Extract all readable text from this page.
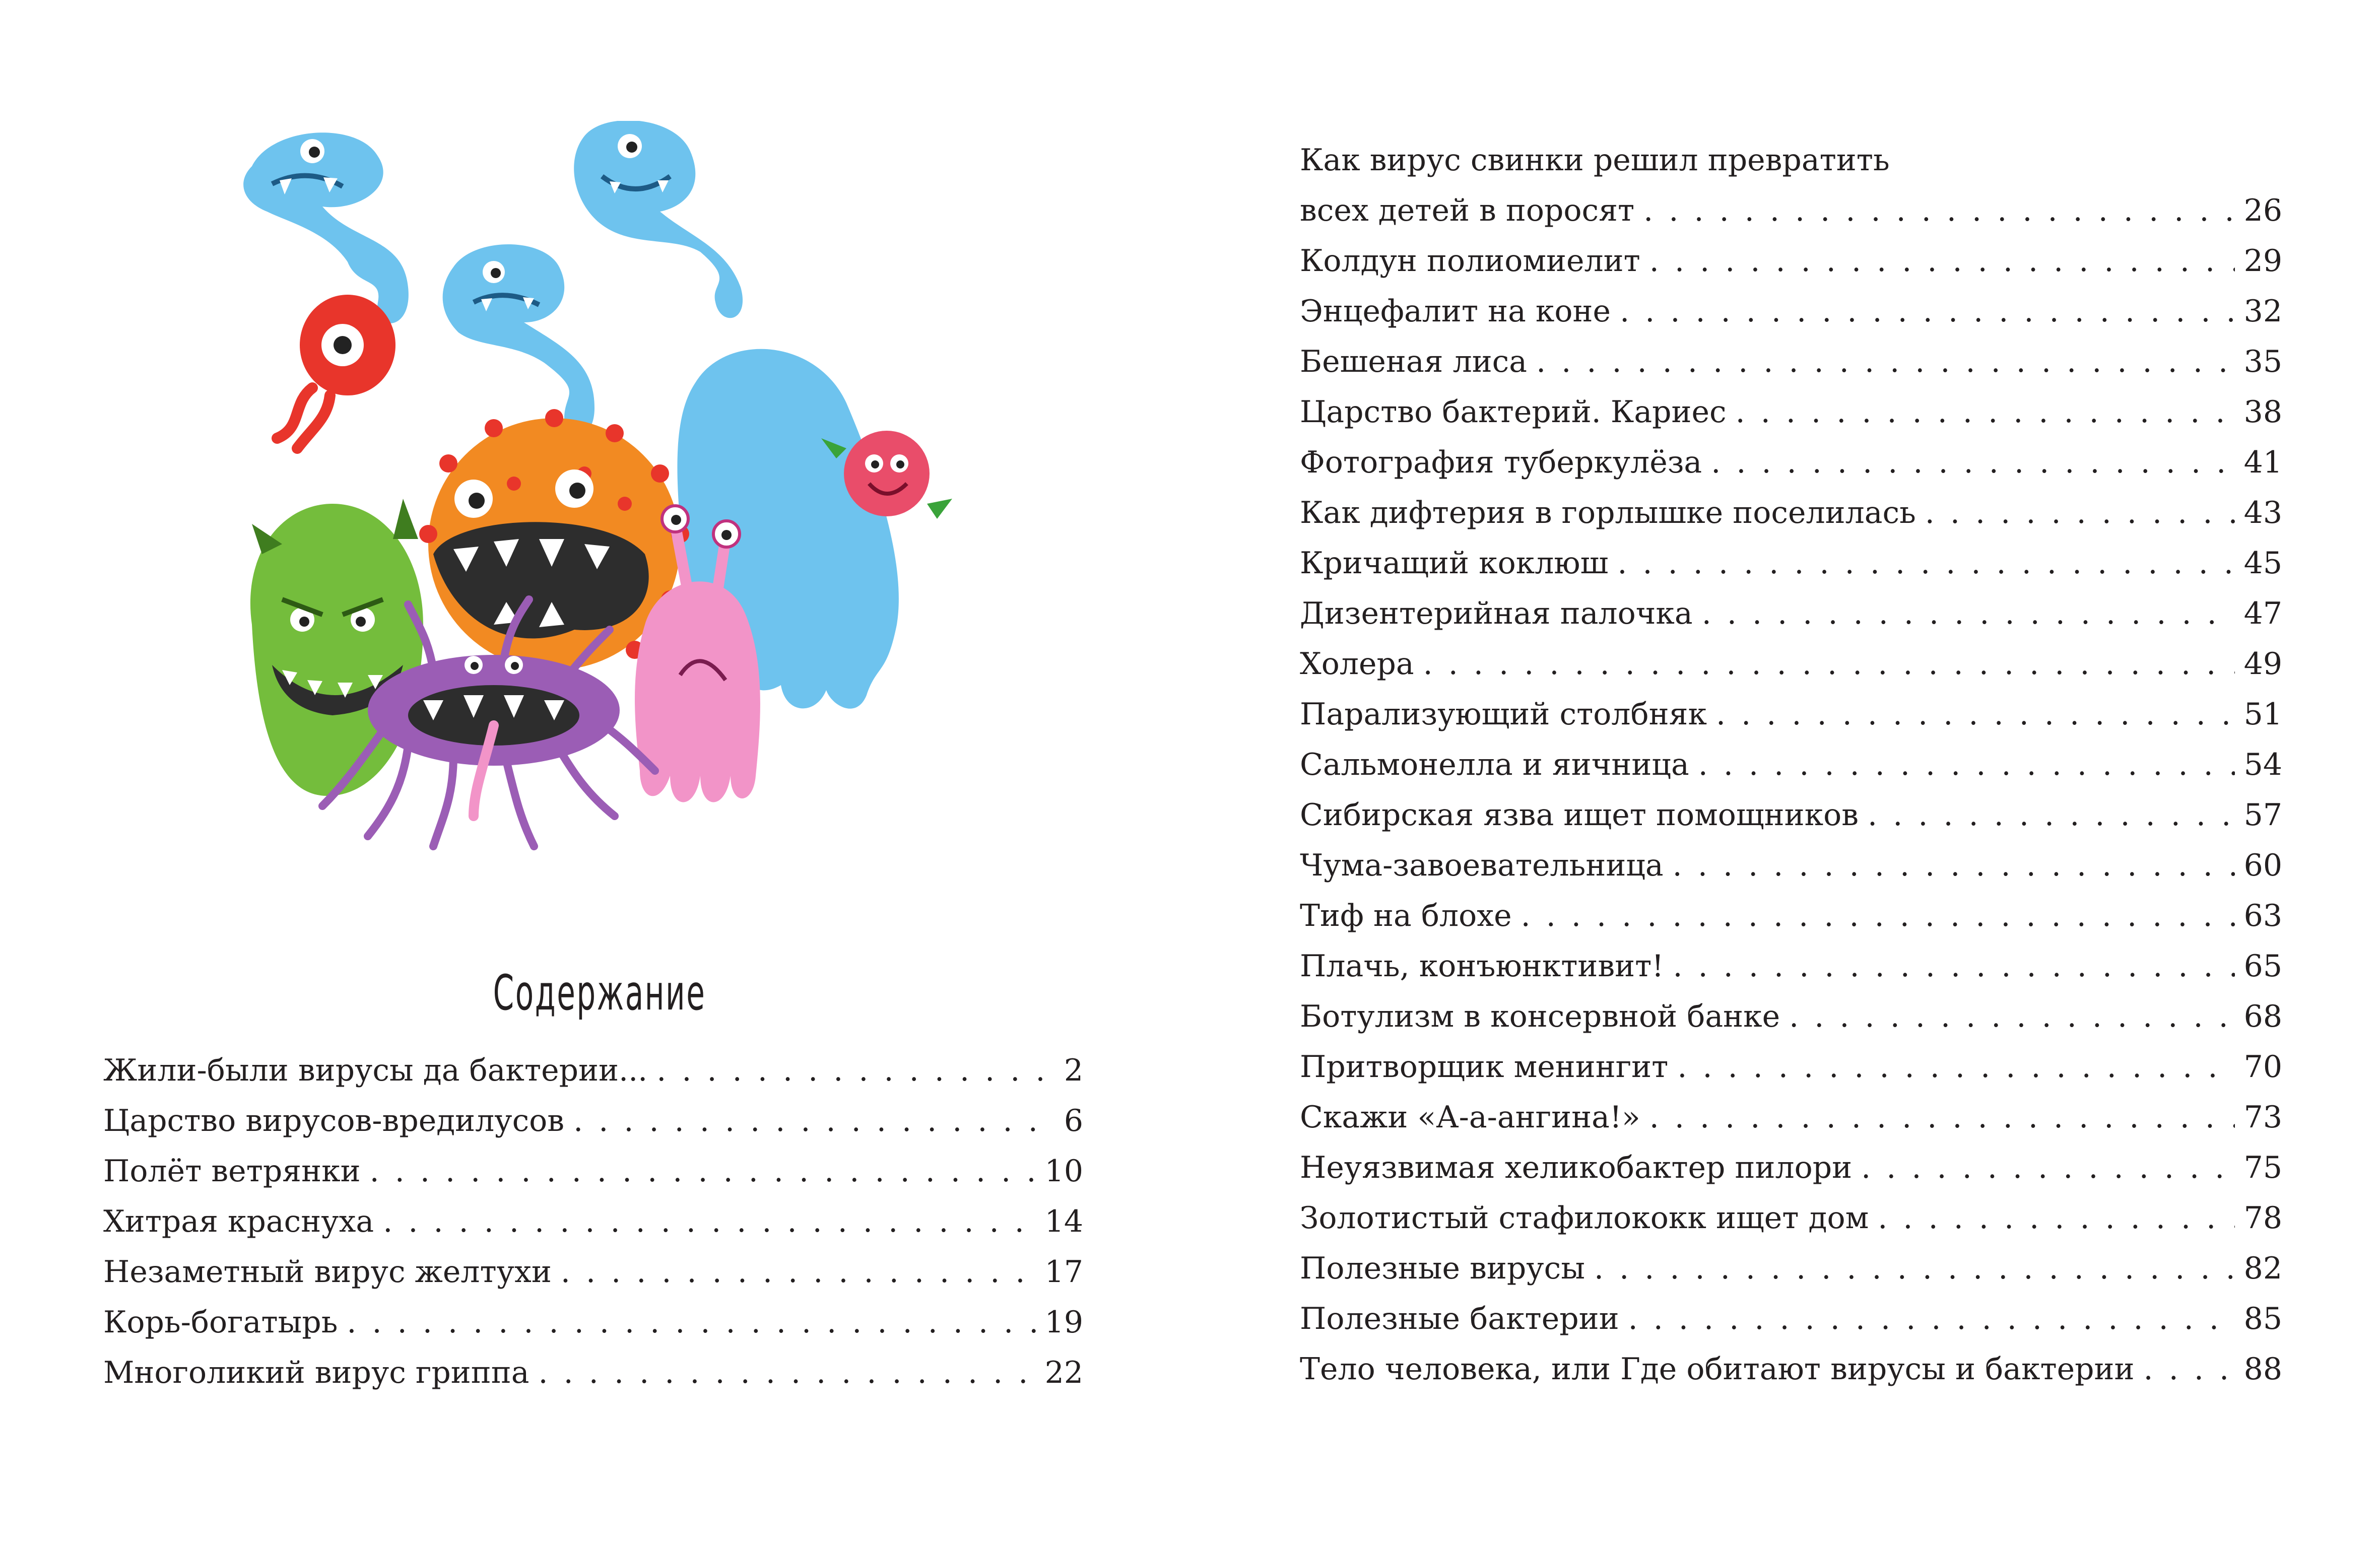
Содержание
Жили-были вирусы да бактерии... . . .	2
Царство вирусов-вредилусов . . .	6
Полёт ветрянки . . .	10
Хитрая краснуха . . .	14
Незаметный вирус желтухи . . .	17
Корь-богатырь . . .	19
Многоликий вирус гриппа . . .	22
Как вирус свинки решил превратить
всех детей в поросят . . .	26
Колдун полиомиелит . . .	29
Энцефалит на коне . . .	32
Бешеная лиса . . .	35
Царство бактерий. Кариес . . .	38
Фотография туберкулёза . . .	41
Как дифтерия в горлышке поселилась . . .	43
Кричащий коклюш . . .	45
Дизентерийная палочка . . .	47
Холера . . .	49
Парализующий столбняк . . .	51
Сальмонелла и яичница . . .	54
Сибирская язва ищет помощников . . .	57
Чума-завоевательница . . .	60
Тиф на блохе . . .	63
Плачь, конъюнктивит! . . .	65
Ботулизм в консервной банке . . .	68
Притворщик менингит . . .	70
Скажи «А-а-ангина!» . . .	73
Неуязвимая хеликобактер пилори . . .	75
Золотистый стафилококк ищет дом . . .	78
Полезные вирусы . . .	82
Полезные бактерии . . .	85
Тело человека, или Где обитают вирусы и бактерии . . .	88
